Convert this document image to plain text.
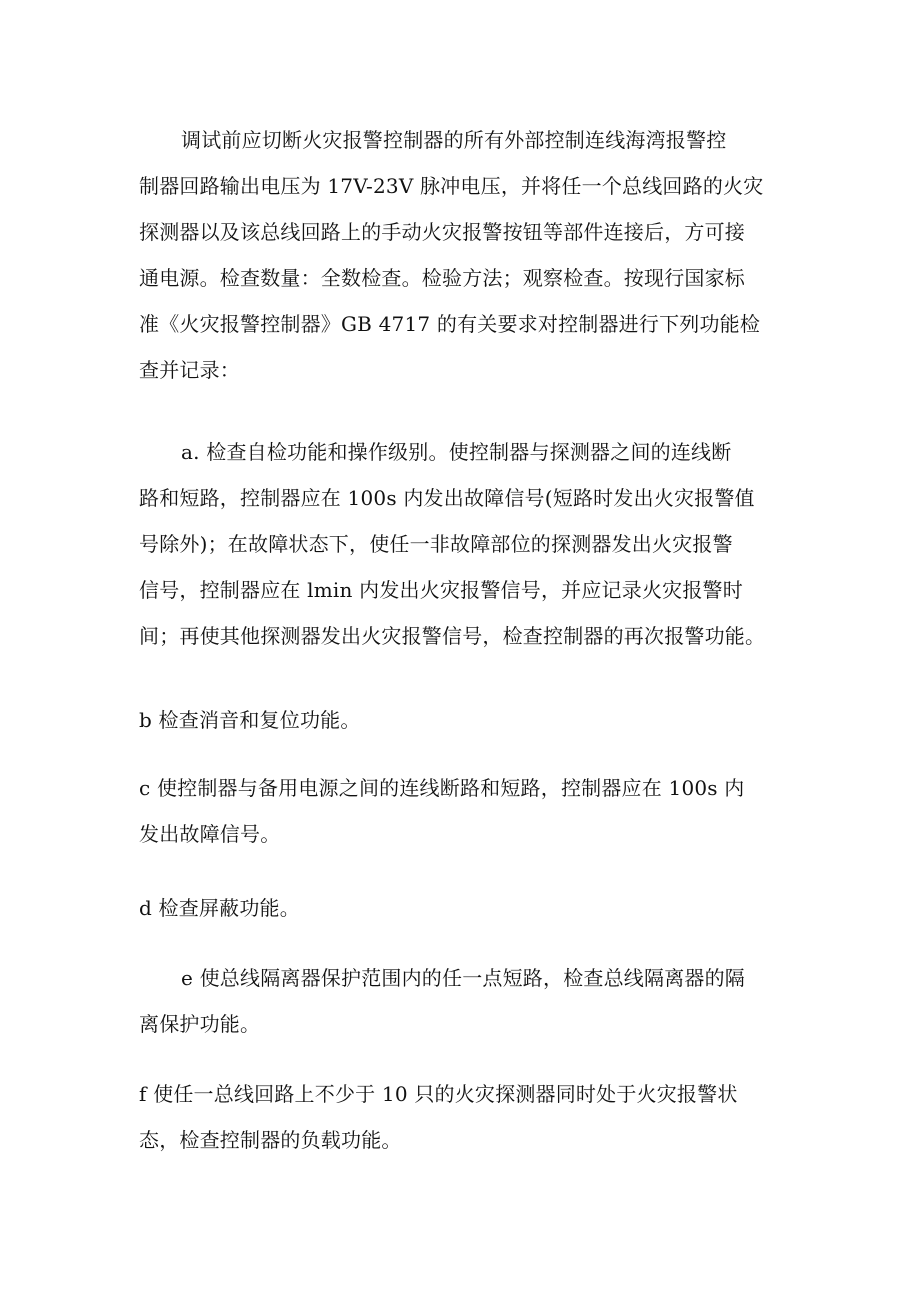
调试前应切断火灾报警控制器的所有外部控制连线海湾报警控
制器回路输出电压为 17V-23V 脉冲电压，并将任一个总线回路的火灾
探测器以及该总线回路上的手动火灾报警按钮等部件连接后，方可接
通电源。检查数量：全数检查。检验方法；观察检查。按现行国家标
准《火灾报警控制器》GB 4717 的有关要求对控制器进行下列功能检
查并记录：
a. 检查自检功能和操作级别。使控制器与探测器之间的连线断
路和短路，控制器应在 100s 内发出故障信号(短路时发出火灾报警值
号除外)；在故障状态下，使任一非故障部位的探测器发出火灾报警
信号，控制器应在 lmin 内发出火灾报警信号，并应记录火灾报警时
间；再使其他探测器发出火灾报警信号，检查控制器的再次报警功能。
b 检查消音和复位功能。
c 使控制器与备用电源之间的连线断路和短路，控制器应在 100s 内
发出故障信号。
d 检查屏蔽功能。
e 使总线隔离器保护范围内的任一点短路，检查总线隔离器的隔
离保护功能。
f 使任一总线回路上不少于 10 只的火灾探测器同时处于火灾报警状
态，检查控制器的负载功能。
